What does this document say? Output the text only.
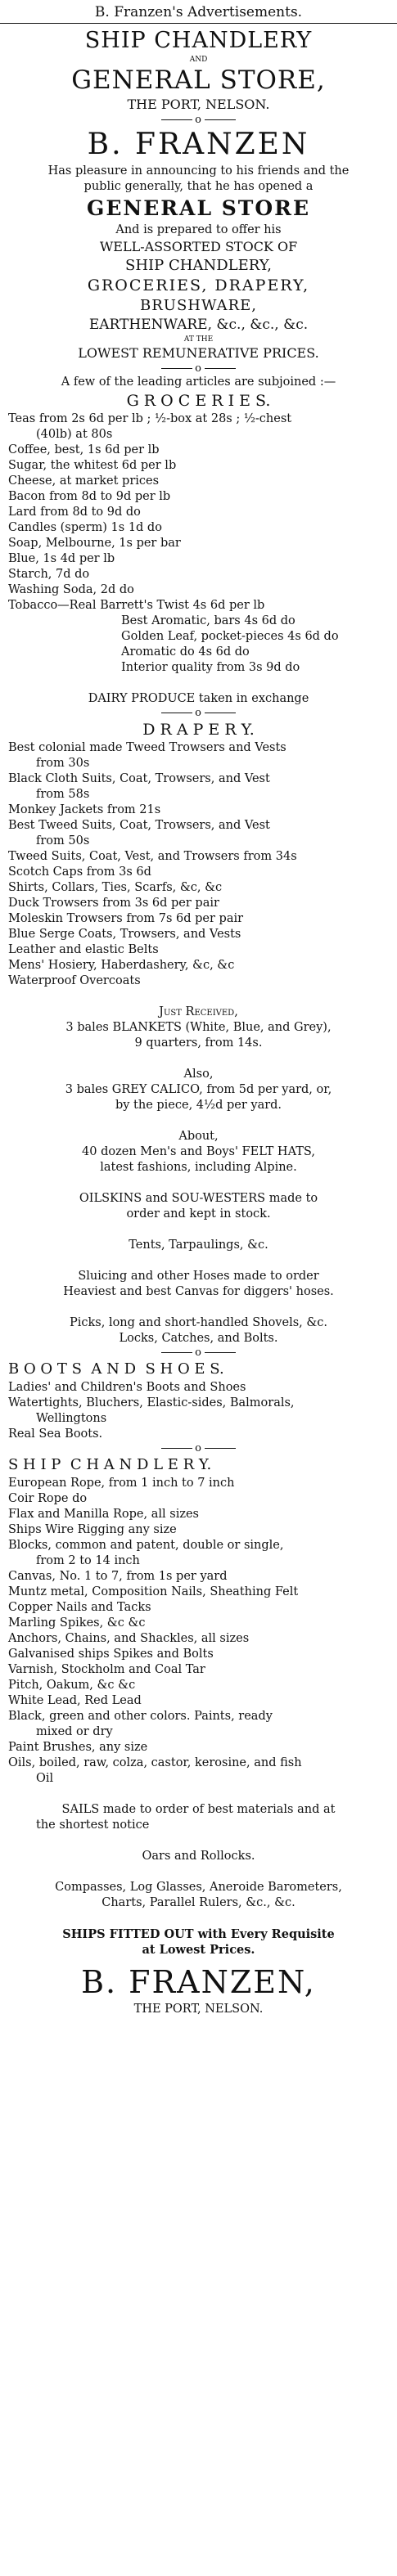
B. Franzen's Advertisements.
SHIP CHANDLERY
AND
GENERAL STORE,
THE PORT, NELSON.
o
B. FRANZEN
Has pleasure in announcing to his friends and the
public generally, that he has opened a
GENERAL STORE
And is prepared to offer his
WELL-ASSORTED STOCK OF
SHIP CHANDLERY,
GROCERIES, DRAPERY,
BRUSHWARE,
EARTHENWARE, &c., &c., &c.
AT THE
LOWEST REMUNERATIVE PRICES.
o
A few of the leading articles are subjoined :—
G R O C E R I E S.
Teas from 2s 6d per lb ; ½-box at 28s ; ½-chest
(40lb) at 80s
Coffee, best, 1s 6d per lb
Sugar, the whitest 6d per lb
Cheese, at market prices
Bacon from 8d to 9d per lb
Lard from 8d to 9d do
Candles (sperm) 1s 1d do
Soap, Melbourne, 1s per bar
Blue, 1s 4d per lb
Starch, 7d do
Washing Soda, 2d do
Tobacco—Real Barrett's Twist 4s 6d per lb
Best Aromatic, bars 4s 6d do
Golden Leaf, pocket-pieces 4s 6d do
Aromatic do 4s 6d do
Interior quality from 3s 9d do
DAIRY PRODUCE taken in exchange
o
D R A P E R Y.
Best colonial made Tweed Trowsers and Vests
from 30s
Black Cloth Suits, Coat, Trowsers, and Vest
from 58s
Monkey Jackets from 21s
Best Tweed Suits, Coat, Trowsers, and Vest
from 50s
Tweed Suits, Coat, Vest, and Trowsers from 34s
Scotch Caps from 3s 6d
Shirts, Collars, Ties, Scarfs, &c, &c
Duck Trowsers from 3s 6d per pair
Moleskin Trowsers from 7s 6d per pair
Blue Serge Coats, Trowsers, and Vests
Leather and elastic Belts
Mens' Hosiery, Haberdashery, &c, &c
Waterproof Overcoats
Just Received,
3 bales BLANKETS (White, Blue, and Grey),
9 quarters, from 14s.
Also,
3 bales GREY CALICO, from 5d per yard, or,
by the piece, 4½d per yard.
About,
40 dozen Men's and Boys' FELT HATS,
latest fashions, including Alpine.
OILSKINS and SOU-WESTERS made to
order and kept in stock.
Tents, Tarpaulings, &c.
Sluicing and other Hoses made to order
Heaviest and best Canvas for diggers' hoses.
Picks, long and short-handled Shovels, &c.
Locks, Catches, and Bolts.
o
B O O T S  A N D  S H O E S.
Ladies' and Children's Boots and Shoes
Watertights, Bluchers, Elastic-sides, Balmorals,
Wellingtons
Real Sea Boots.
o
S H I P  C H A N D L E R Y.
European Rope, from 1 inch to 7 inch
Coir Rope do
Flax and Manilla Rope, all sizes
Ships Wire Rigging any size
Blocks, common and patent, double or single,
from 2 to 14 inch
Canvas, No. 1 to 7, from 1s per yard
Muntz metal, Composition Nails, Sheathing Felt
Copper Nails and Tacks
Marling Spikes, &c &c
Anchors, Chains, and Shackles, all sizes
Galvanised ships Spikes and Bolts
Varnish, Stockholm and Coal Tar
Pitch, Oakum, &c &c
White Lead, Red Lead
Black, green and other colors. Paints, ready
mixed or dry
Paint Brushes, any size
Oils, boiled, raw, colza, castor, kerosine, and fish
Oil
SAILS made to order of best materials and at
the shortest notice
Oars and Rollocks.
Compasses, Log Glasses, Aneroide Barometers,
Charts, Parallel Rulers, &c., &c.
SHIPS FITTED OUT with Every Requisite
at Lowest Prices.
B. FRANZEN,
THE PORT, NELSON.
